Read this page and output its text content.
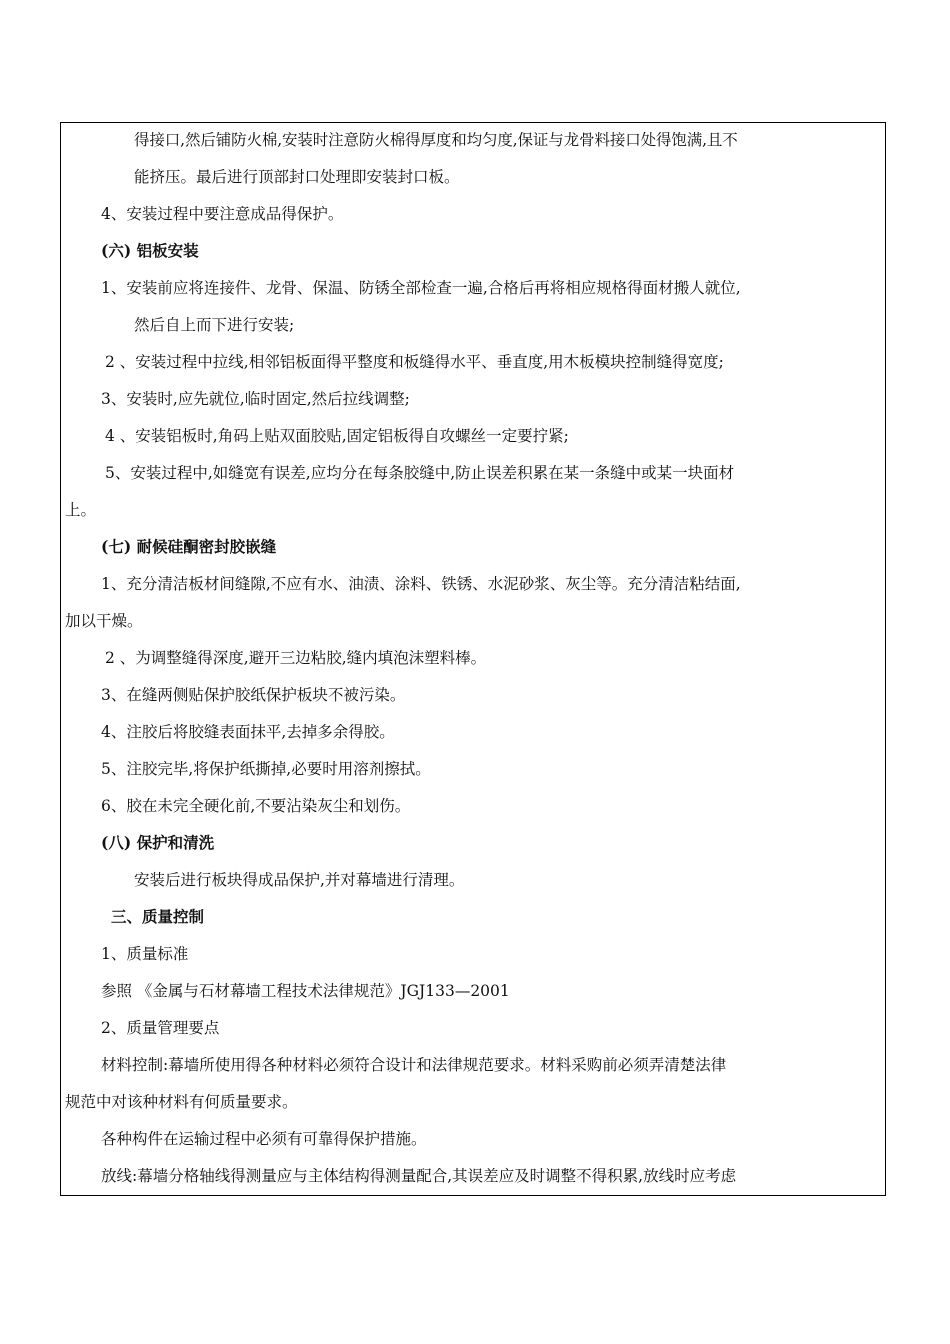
得接口,然后铺防火棉,安装时注意防火棉得厚度和均匀度,保证与龙骨料接口处得饱满,且不
能挤压。最后进行顶部封口处理即安装封口板。
4、安装过程中要注意成品得保护。
(六) 铝板安装
1、安装前应将连接件、龙骨、保温、防锈全部检查一遍,合格后再将相应规格得面材搬人就位,
然后自上而下进行安装;
2 、安装过程中拉线,相邻铝板面得平整度和板缝得水平、垂直度,用木板模块控制缝得宽度;
3、安装时,应先就位,临时固定,然后拉线调整;
4 、安装铝板时,角码上贴双面胶贴,固定铝板得自攻螺丝一定要拧紧;
5、安装过程中,如缝宽有误差,应均分在每条胶缝中,防止误差积累在某一条缝中或某一块面材
上。
(七) 耐候硅酮密封胶嵌缝
1、充分清洁板材间缝隙,不应有水、油渍、涂料、铁锈、水泥砂浆、灰尘等。充分清洁粘结面,
加以干燥。
2 、为调整缝得深度,避开三边粘胶,缝内填泡沫塑料棒。
3、在缝两侧贴保护胶纸保护板块不被污染。
4、注胶后将胶缝表面抹平,去掉多余得胶。
5、注胶完毕,将保护纸撕掉,必要时用溶剂擦拭。
6、胶在未完全硬化前,不要沾染灰尘和划伤。
(八) 保护和清洗
安装后进行板块得成品保护,并对幕墙进行清理。
三、质量控制
1、质量标准
参照 《金属与石材幕墙工程技术法律规范》JGJ133—2001
2、质量管理要点
材料控制:幕墙所使用得各种材料必须符合设计和法律规范要求。材料采购前必须弄清楚法律
规范中对该种材料有何质量要求。
各种构件在运输过程中必须有可靠得保护措施。
放线:幕墙分格轴线得测量应与主体结构得测量配合,其误差应及时调整不得积累,放线时应考虑
